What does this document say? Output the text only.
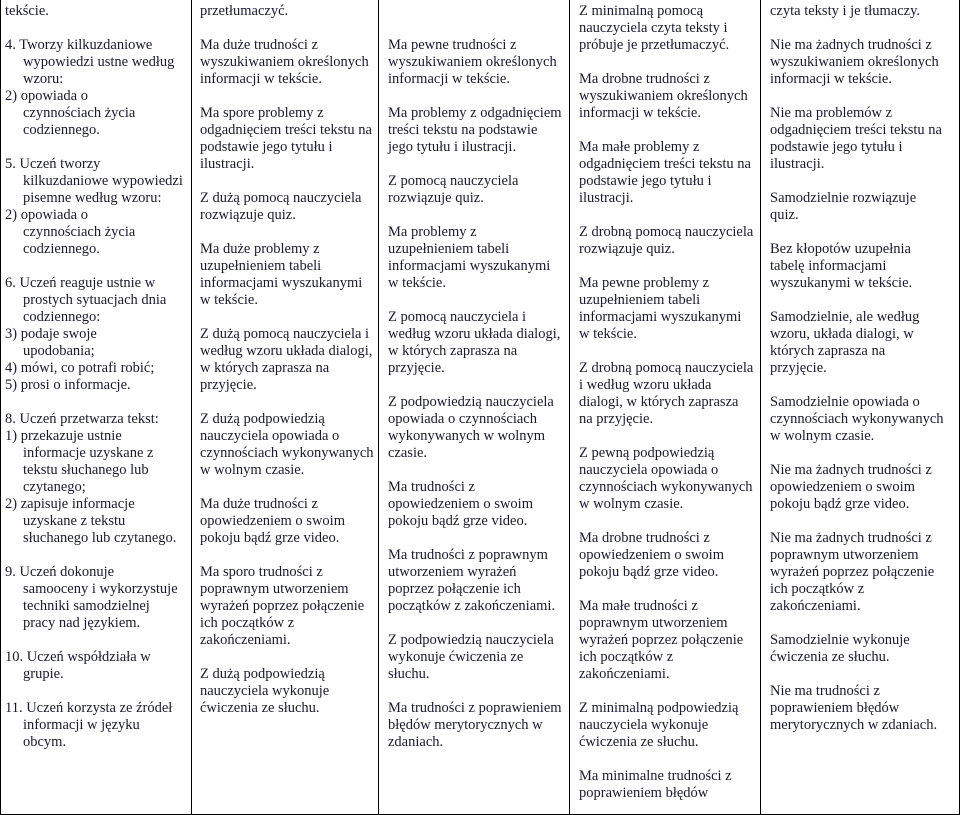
tekście.
4. Tworzy kilkuzdaniowe
wypowiedzi ustne według
wzoru:
2) opowiada o
czynnościach życia
codziennego.
5. Uczeń tworzy
kilkuzdaniowe wypowiedzi
pisemne według wzoru:
2) opowiada o
czynnościach życia
codziennego.
6. Uczeń reaguje ustnie w
prostych sytuacjach dnia
codziennego:
3) podaje swoje
upodobania;
4) mówi, co potrafi robić;
5) prosi o informacje.
8. Uczeń przetwarza tekst:
1) przekazuje ustnie
informacje uzyskane z
tekstu słuchanego lub
czytanego;
2) zapisuje informacje
uzyskane z tekstu
słuchanego lub czytanego.
9. Uczeń dokonuje
samooceny i wykorzystuje
techniki samodzielnej
pracy nad językiem.
10. Uczeń współdziała w
grupie.
11. Uczeń korzysta ze źródeł
informacji w języku
obcym.
przetłumaczyć.
Ma duże trudności z
wyszukiwaniem określonych
informacji w tekście.
Ma spore problemy z
odgadnięciem treści tekstu na
podstawie jego tytułu i
ilustracji.
Z dużą pomocą nauczyciela
rozwiązuje quiz.
Ma duże problemy z
uzupełnieniem tabeli
informacjami wyszukanymi
w tekście.
Z dużą pomocą nauczyciela i
według wzoru układa dialogi,
w których zaprasza na
przyjęcie.
Z dużą podpowiedzią
nauczyciela opowiada o
czynnościach wykonywanych
w wolnym czasie.
Ma duże trudności z
opowiedzeniem o swoim
pokoju bądź grze video.
Ma sporo trudności z
poprawnym utworzeniem
wyrażeń poprzez połączenie
ich początków z
zakończeniami.
Z dużą podpowiedzią
nauczyciela wykonuje
ćwiczenia ze słuchu.

Ma pewne trudności z
wyszukiwaniem określonych
informacji w tekście.
Ma problemy z odgadnięciem
treści tekstu na podstawie
jego tytułu i ilustracji.
Z pomocą nauczyciela
rozwiązuje quiz.
Ma problemy z
uzupełnieniem tabeli
informacjami wyszukanymi
w tekście.
Z pomocą nauczyciela i
według wzoru układa dialogi,
w których zaprasza na
przyjęcie.
Z podpowiedzią nauczyciela
opowiada o czynnościach
wykonywanych w wolnym
czasie.
Ma trudności z
opowiedzeniem o swoim
pokoju bądź grze video.
Ma trudności z poprawnym
utworzeniem wyrażeń
poprzez połączenie ich
początków z zakończeniami.
Z podpowiedzią nauczyciela
wykonuje ćwiczenia ze
słuchu.
Ma trudności z poprawieniem
błędów merytorycznych w
zdaniach.
Z minimalną pomocą
nauczyciela czyta teksty i
próbuje je przetłumaczyć.
Ma drobne trudności z
wyszukiwaniem określonych
informacji w tekście.
Ma małe problemy z
odgadnięciem treści tekstu na
podstawie jego tytułu i
ilustracji.
Z drobną pomocą nauczyciela
rozwiązuje quiz.
Ma pewne problemy z
uzupełnieniem tabeli
informacjami wyszukanymi
w tekście.
Z drobną pomocą nauczyciela
i według wzoru układa
dialogi, w których zaprasza
na przyjęcie.
Z pewną podpowiedzią
nauczyciela opowiada o
czynnościach wykonywanych
w wolnym czasie.
Ma drobne trudności z
opowiedzeniem o swoim
pokoju bądź grze video.
Ma małe trudności z
poprawnym utworzeniem
wyrażeń poprzez połączenie
ich początków z
zakończeniami.
Z minimalną podpowiedzią
nauczyciela wykonuje
ćwiczenia ze słuchu.
Ma minimalne trudności z
poprawieniem błędów
czyta teksty i je tłumaczy.
Nie ma żadnych trudności z
wyszukiwaniem określonych
informacji w tekście.
Nie ma problemów z
odgadnięciem treści tekstu na
podstawie jego tytułu i
ilustracji.
Samodzielnie rozwiązuje
quiz.
Bez kłopotów uzupełnia
tabelę informacjami
wyszukanymi w tekście.
Samodzielnie, ale według
wzoru, układa dialogi, w
których zaprasza na
przyjęcie.
Samodzielnie opowiada o
czynnościach wykonywanych
w wolnym czasie.
Nie ma żadnych trudności z
opowiedzeniem o swoim
pokoju bądź grze video.
Nie ma żadnych trudności z
poprawnym utworzeniem
wyrażeń poprzez połączenie
ich początków z
zakończeniami.
Samodzielnie wykonuje
ćwiczenia ze słuchu.
Nie ma trudności z
poprawieniem błędów
merytorycznych w zdaniach.
